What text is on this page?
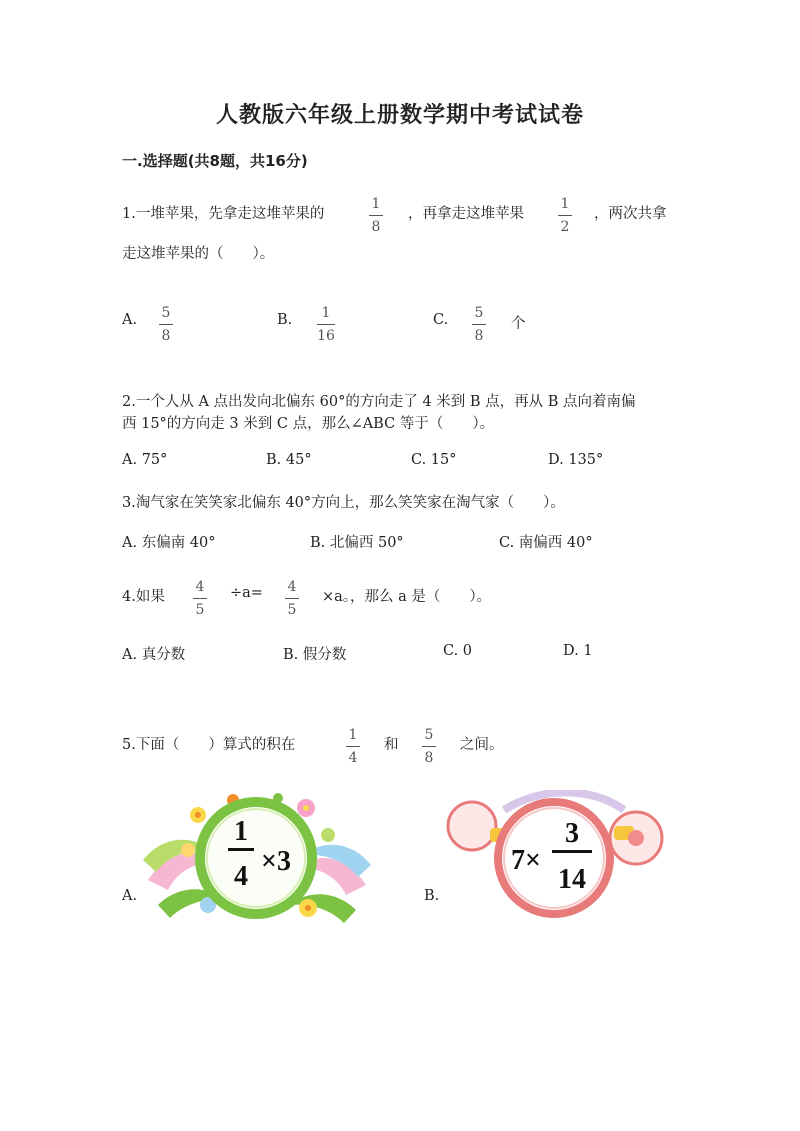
人教版六年级上册数学期中考试试卷
一.选择题(共8题，共16分)
1.一堆苹果，先拿走这堆苹果的
1
8
，再拿走这堆苹果
1
2
，两次共拿
走这堆苹果的（　　）。
A. 5
8
B. 1
16
C. 5
8
个
2.一个人从 A 点出发向北偏东 60°的方向走了 4 米到 B 点，再从 B 点向着南偏
西 15°的方向走 3 米到 C 点，那么∠ABC 等于（　　）。
A. 75°	B. 45°	C. 15°	D. 135°
3.淘气家在笑笑家北偏东 40°方向上，那么笑笑家在淘气家（　　）。
A. 东偏南 40°	B. 北偏西 50°	C. 南偏西 40°
4.如果
4
5
÷a= 4
5
×a。，那么 a 是（　　）。
A. 真分数	B. 假分数	C. 0	D. 1
5.下面（　　）算式的积在
1
4
和
5
8
之间。
A.
1
4 ×3
B.
7×
3
14
